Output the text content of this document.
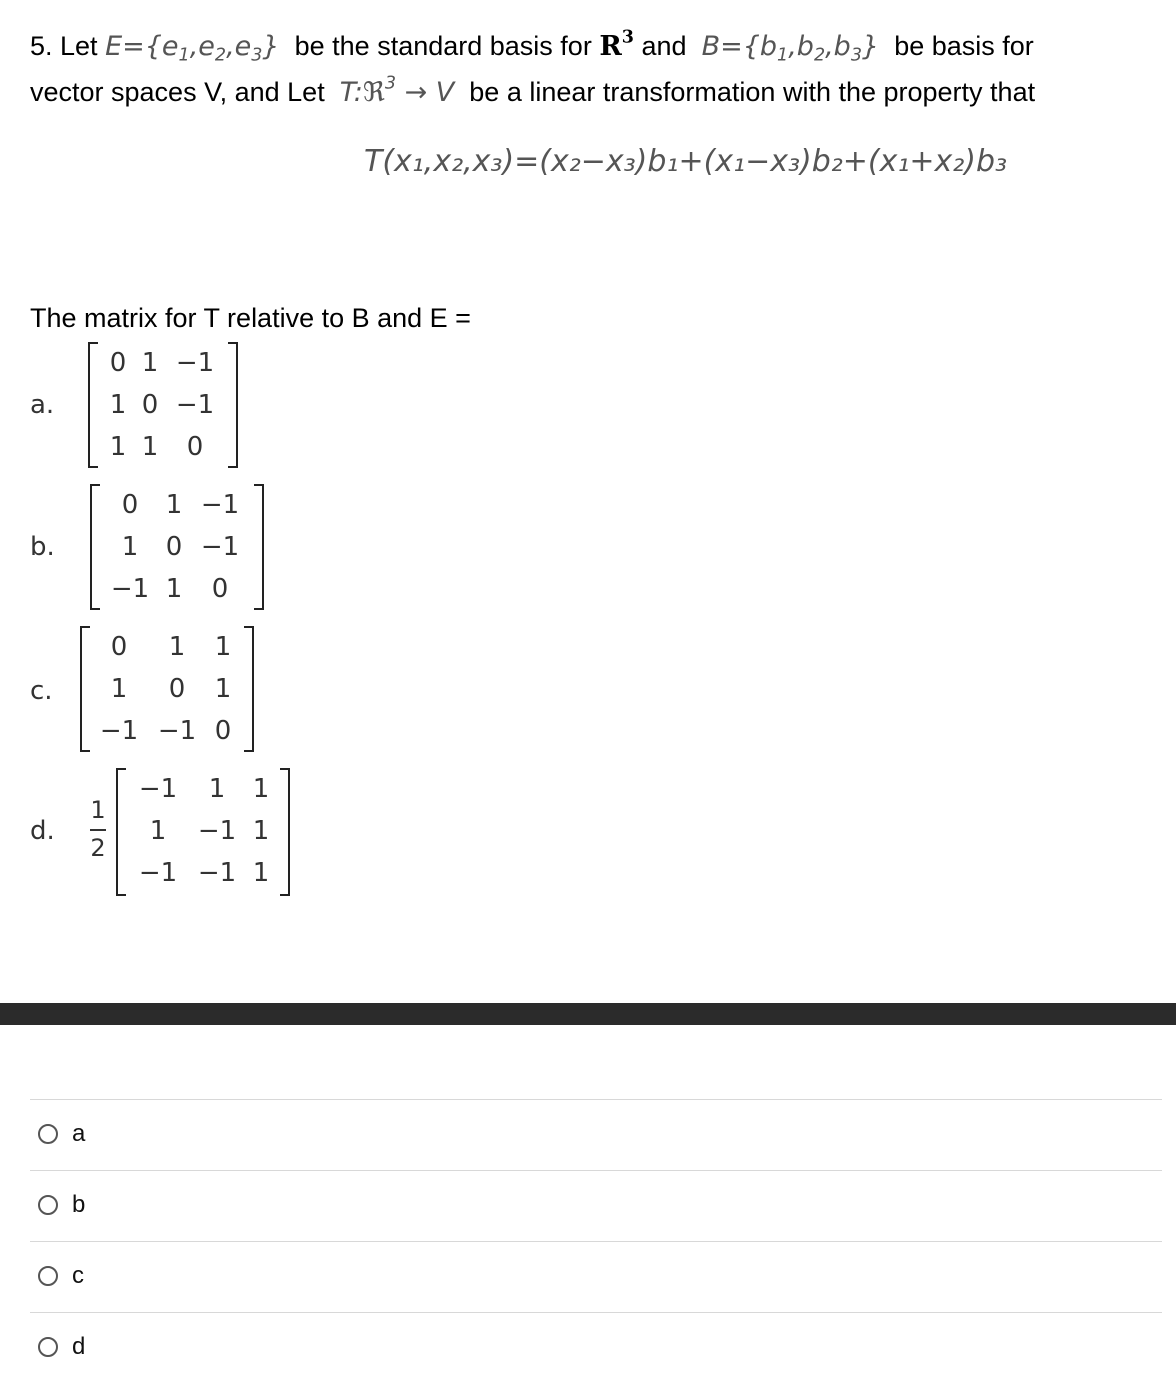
5. Let $E=\{e_1,e_2,e_3\}$ be the standard basis for $R^3$ and $B=\{b_1,b_2,b_3\}$ be basis for
vector spaces V, and Let T:ℜ$^3$ → V be a linear transformation with the property that
T(x₁,x₂,x₃)=(x₂−x₃)b₁+(x₁−x₃)b₂+(x₁+x₂)b₃
The matrix for T relative to B and E =
a.
0 1 −1
1 0 −1
1 1	0
b.
0	1 −1
1	0 −1
−1 1	0
c.
0	1	1
1	0	1
−1 −1 0
d.
1
2
−1	1	1
1	−1 1
−1 −1 1
a
b
c
d
